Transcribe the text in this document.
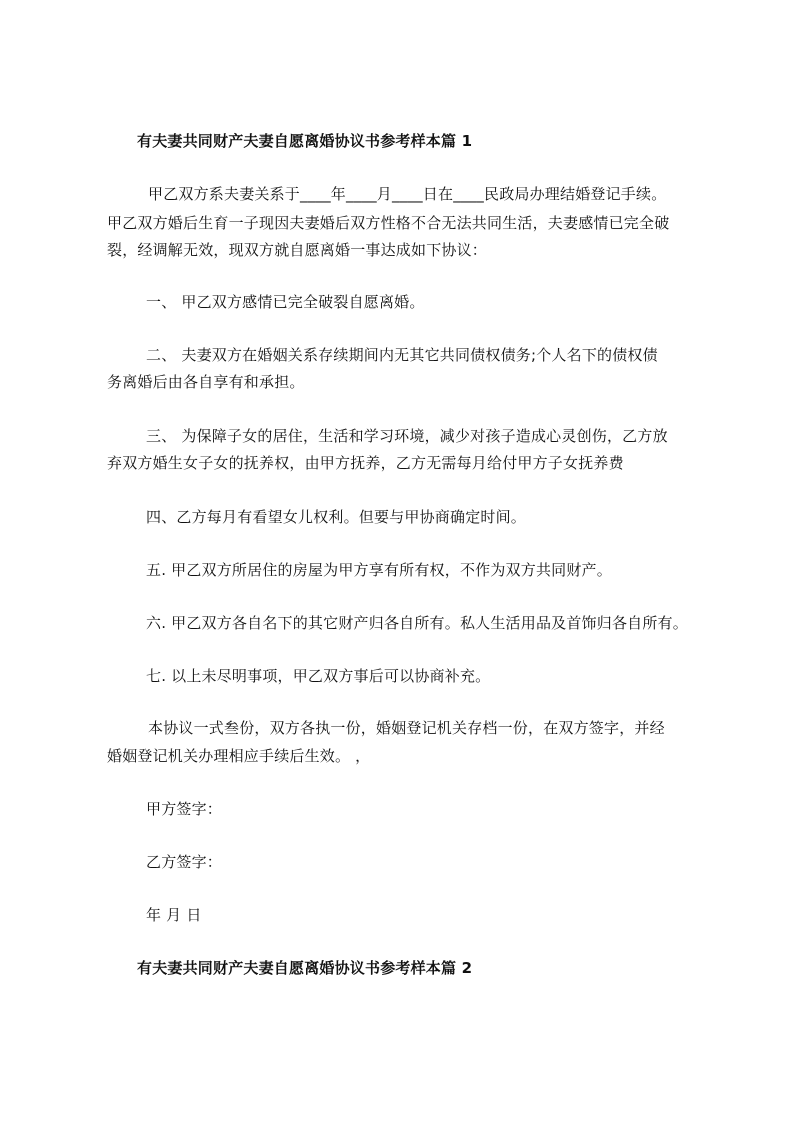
有夫妻共同财产夫妻自愿离婚协议书参考样本篇 1
甲乙双方系夫妻关系于____年____月____日在____民政局办理结婚登记手续。
甲乙双方婚后生育一子现因夫妻婚后双方性格不合无法共同生活，夫妻感情已完全破
裂，经调解无效，现双方就自愿离婚一事达成如下协议：
一、 甲乙双方感情已完全破裂自愿离婚。
二、 夫妻双方在婚姻关系存续期间内无其它共同债权债务;个人名下的债权债
务离婚后由各自享有和承担。
三、 为保障子女的居住，生活和学习环境，减少对孩子造成心灵创伤，乙方放
弃双方婚生女子女的抚养权，由甲方抚养，乙方无需每月给付甲方子女抚养费
四、乙方每月有看望女儿权利。但要与甲协商确定时间。
五. 甲乙双方所居住的房屋为甲方享有所有权，不作为双方共同财产。
六. 甲乙双方各自名下的其它财产归各自所有。私人生活用品及首饰归各自所有。
七. 以上未尽明事项，甲乙双方事后可以协商补充。
本协议一式叁份，双方各执一份，婚姻登记机关存档一份，在双方签字，并经
婚姻登记机关办理相应手续后生效。 ，
甲方签字：
乙方签字：
年 月 日
有夫妻共同财产夫妻自愿离婚协议书参考样本篇 2
